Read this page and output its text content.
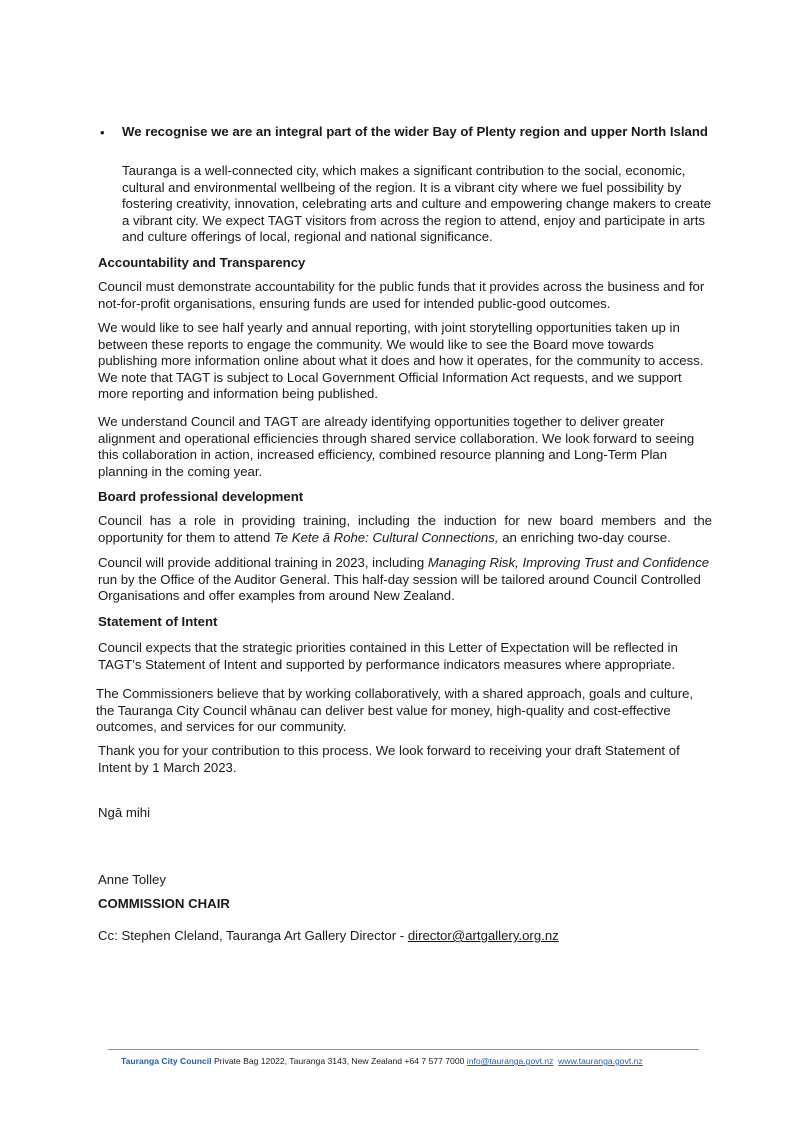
• We recognise we are an integral part of the wider Bay of Plenty region and upper North Island

Tauranga is a well-connected city, which makes a significant contribution to the social, economic, cultural and environmental wellbeing of the region. It is a vibrant city where we fuel possibility by fostering creativity, innovation, celebrating arts and culture and empowering change makers to create a vibrant city. We expect TAGT visitors from across the region to attend, enjoy and participate in arts and culture offerings of local, regional and national significance.

Accountability and Transparency

Council must demonstrate accountability for the public funds that it provides across the business and for not-for-profit organisations, ensuring funds are used for intended public-good outcomes.

We would like to see half yearly and annual reporting, with joint storytelling opportunities taken up in between these reports to engage the community. We would like to see the Board move towards publishing more information online about what it does and how it operates, for the community to access. We note that TAGT is subject to Local Government Official Information Act requests, and we support more reporting and information being published.

We understand Council and TAGT are already identifying opportunities together to deliver greater alignment and operational efficiencies through shared service collaboration. We look forward to seeing this collaboration in action, increased efficiency, combined resource planning and Long-Term Plan planning in the coming year.

Board professional development

Council has a role in providing training, including the induction for new board members and the opportunity for them to attend Te Kete ā Rohe: Cultural Connections, an enriching two-day course.

Council will provide additional training in 2023, including Managing Risk, Improving Trust and Confidence run by the Office of the Auditor General. This half-day session will be tailored around Council Controlled Organisations and offer examples from around New Zealand.

Statement of Intent

Council expects that the strategic priorities contained in this Letter of Expectation will be reflected in TAGT’s Statement of Intent and supported by performance indicators measures where appropriate.

The Commissioners believe that by working collaboratively, with a shared approach, goals and culture, the Tauranga City Council whānau can deliver best value for money, high-quality and cost-effective outcomes, and services for our community.

Thank you for your contribution to this process. We look forward to receiving your draft Statement of Intent by 1 March 2023.

Ngā mihi

Anne Tolley

COMMISSION CHAIR

Cc: Stephen Cleland, Tauranga Art Gallery Director - director@artgallery.org.nz

Tauranga City Council Private Bag 12022, Tauranga 3143, New Zealand +64 7 577 7000 info@tauranga.govt.nz www.tauranga.govt.nz
